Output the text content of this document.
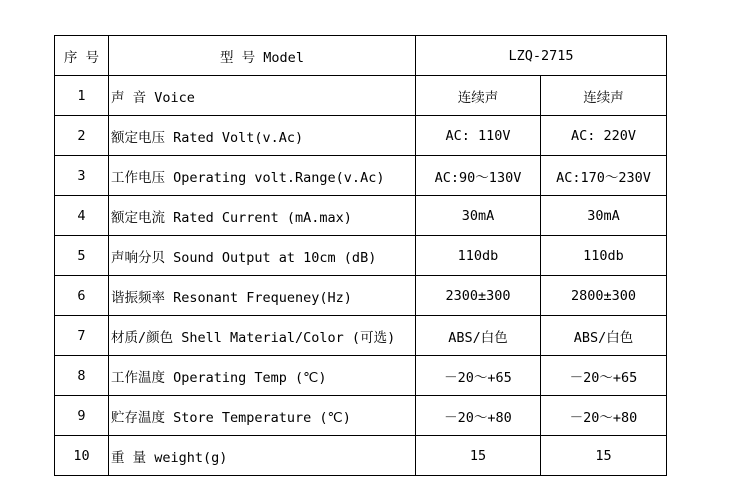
序 号	型 号 Model	LZQ-2715	
1	声 音 Voice	连续声	连续声
2	额定电压 Rated Volt(v.Ac)	AC: 110V	AC: 220V
3	工作电压 Operating volt.Range(v.Ac)	AC:90～130V	AC:170～230V
4	额定电流 Rated Current (mA.max)	30mA	30mA
5	声响分贝 Sound Output at 10cm (dB)	110db	110db
6	谐振频率 Resonant Frequeney(Hz)	2300±300	2800±300
7	材质/颜色 Shell Material/Color (可选)	ABS/白色	ABS/白色
8	工作温度 Operating Temp (℃)	－20～+65	－20～+65
9	贮存温度 Store Temperature (℃)	－20～+80	－20～+80
10	重 量 weight(g)	15	15
